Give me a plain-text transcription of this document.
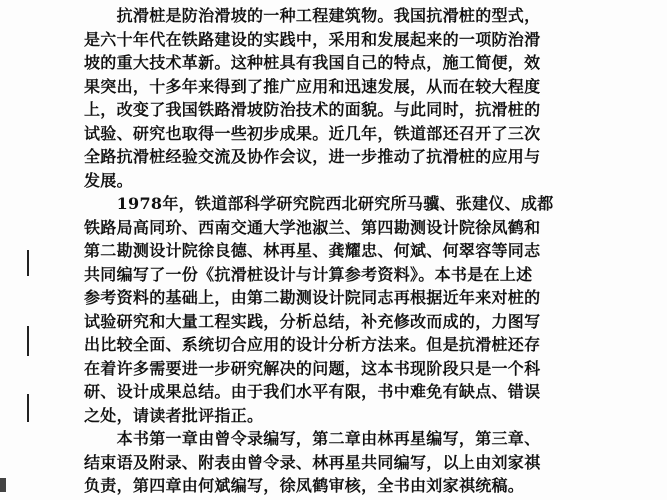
　　抗滑桩是防治滑坡的一种工程建筑物。我国抗滑桩的型式，
是六十年代在铁路建设的实践中，采用和发展起来的一项防治滑
坡的重大技术革新。这种桩具有我国自己的特点，施工简便，效
果突出，十多年来得到了推广应用和迅速发展，从而在较大程度
上，改变了我国铁路滑坡防治技术的面貌。与此同时，抗滑桩的
试验、研究也取得一些初步成果。近几年，铁道部还召开了三次
全路抗滑桩经验交流及协作会议，进一步推动了抗滑桩的应用与
发展。
　　1978年，铁道部科学研究院西北研究所马骥、张建仪、成都
铁路局高同玠、西南交通大学池淑兰、第四勘测设计院徐凤鹤和
第二勘测设计院徐良德、林再星、龚耀忠、何斌、何翠容等同志
共同编写了一份《抗滑桩设计与计算参考资料》。本书是在上述
参考资料的基础上，由第二勘测设计院同志再根据近年来对桩的
试验研究和大量工程实践，分析总结，补充修改而成的，力图写
出比较全面、系统切合应用的设计分析方法来。但是抗滑桩还存
在着许多需要进一步研究解决的问题，这本书现阶段只是一个科
研、设计成果总结。由于我们水平有限，书中难免有缺点、错误
之处，请读者批评指正。
　　本书第一章由曾令录编写，第二章由林再星编写，第三章、
结束语及附录、附表由曾令录、林再星共同编写，以上由刘家祺
负责，第四章由何斌编写，徐凤鹤审核，全书由刘家祺统稿。
